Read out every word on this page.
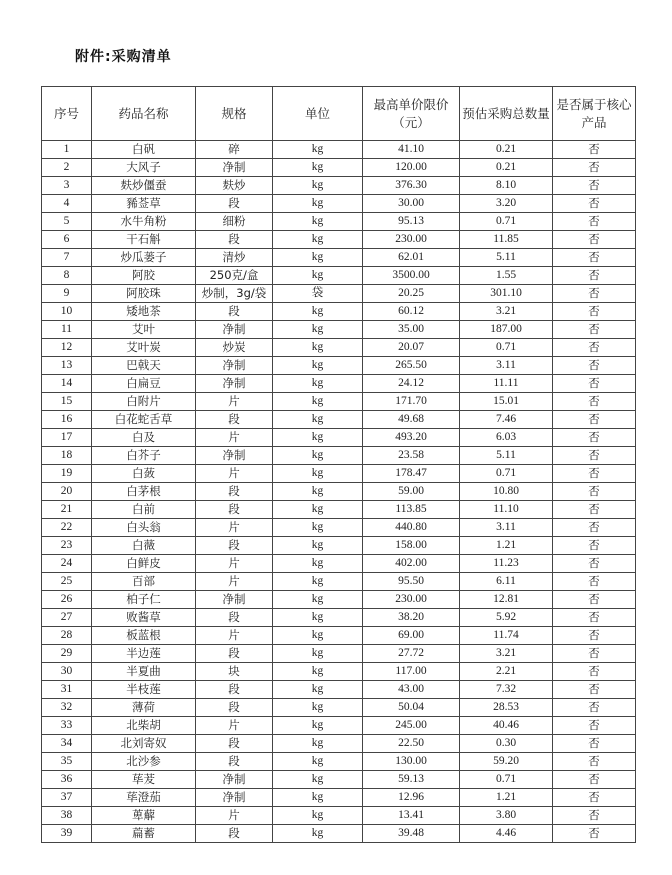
附件:采购清单
序号	药品名称	规格	单位	最高单价限价（元）	预估采购总数量	是否属于核心产品
1	白矾	碎	kg	41.10	0.21	否
2	大风子	净制	kg	120.00	0.21	否
3	麸炒僵蚕	麸炒	kg	376.30	8.10	否
4	豨莶草	段	kg	30.00	3.20	否
5	水牛角粉	细粉	kg	95.13	0.71	否
6	干石斛	段	kg	230.00	11.85	否
7	炒瓜蒌子	清炒	kg	62.01	5.11	否
8	阿胶	250克/盒	kg	3500.00	1.55	否
9	阿胶珠	炒制，3g/袋	袋	20.25	301.10	否
10	矮地茶	段	kg	60.12	3.21	否
11	艾叶	净制	kg	35.00	187.00	否
12	艾叶炭	炒炭	kg	20.07	0.71	否
13	巴戟天	净制	kg	265.50	3.11	否
14	白扁豆	净制	kg	24.12	11.11	否
15	白附片	片	kg	171.70	15.01	否
16	白花蛇舌草	段	kg	49.68	7.46	否
17	白及	片	kg	493.20	6.03	否
18	白芥子	净制	kg	23.58	5.11	否
19	白蔹	片	kg	178.47	0.71	否
20	白茅根	段	kg	59.00	10.80	否
21	白前	段	kg	113.85	11.10	否
22	白头翁	片	kg	440.80	3.11	否
23	白薇	段	kg	158.00	1.21	否
24	白鲜皮	片	kg	402.00	11.23	否
25	百部	片	kg	95.50	6.11	否
26	柏子仁	净制	kg	230.00	12.81	否
27	败酱草	段	kg	38.20	5.92	否
28	板蓝根	片	kg	69.00	11.74	否
29	半边莲	段	kg	27.72	3.21	否
30	半夏曲	块	kg	117.00	2.21	否
31	半枝莲	段	kg	43.00	7.32	否
32	薄荷	段	kg	50.04	28.53	否
33	北柴胡	片	kg	245.00	40.46	否
34	北刘寄奴	段	kg	22.50	0.30	否
35	北沙参	段	kg	130.00	59.20	否
36	荜茇	净制	kg	59.13	0.71	否
37	荜澄茄	净制	kg	12.96	1.21	否
38	萆薢	片	kg	13.41	3.80	否
39	萹蓄	段	kg	39.48	4.46	否
